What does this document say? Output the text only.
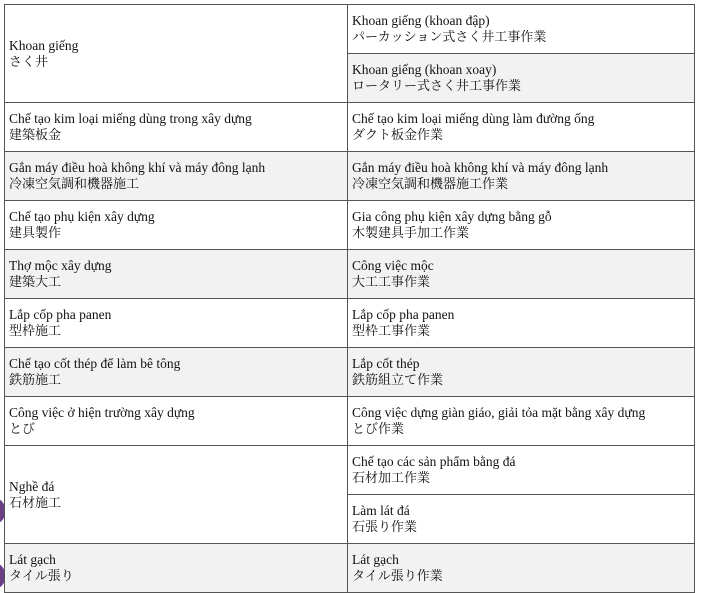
Khoan giếng
さく井	Khoan giếng (khoan đập)
パーカッション式さく井工事作業

	Khoan giếng (khoan xoay)
ロータリー式さく井工事作業

Chế tạo kim loại miếng dùng trong xây dựng
建築板金	Chế tạo kim loại miếng dùng làm đường ống
ダクト板金作業

Gắn máy điều hoà không khí và máy đông lạnh
冷凍空気調和機器施工	Gắn máy điều hoà không khí và máy đông lạnh
冷凍空気調和機器施工作業

Chế tạo phụ kiện xây dựng
建具製作	Gia công phụ kiện xây dựng bằng gỗ
木製建具手加工作業

Thợ mộc xây dựng
建築大工	Công việc mộc
大工工事作業

Lắp cốp pha panen
型枠施工	Lắp cốp pha panen
型枠工事作業

Chế tạo cốt thép để làm bê tông
鉄筋施工	Lắp cốt thép
鉄筋組立て作業

Công việc ở hiện trường xây dựng
とび	Công việc dựng giàn giáo, giải tỏa mặt bằng xây dựng
とび作業

Nghề đá
石材施工	Chế tạo các sản phẩm bằng đá
石材加工作業

	Làm lát đá
石張り作業

Lát gạch
タイル張り	Lát gạch
タイル張り作業
